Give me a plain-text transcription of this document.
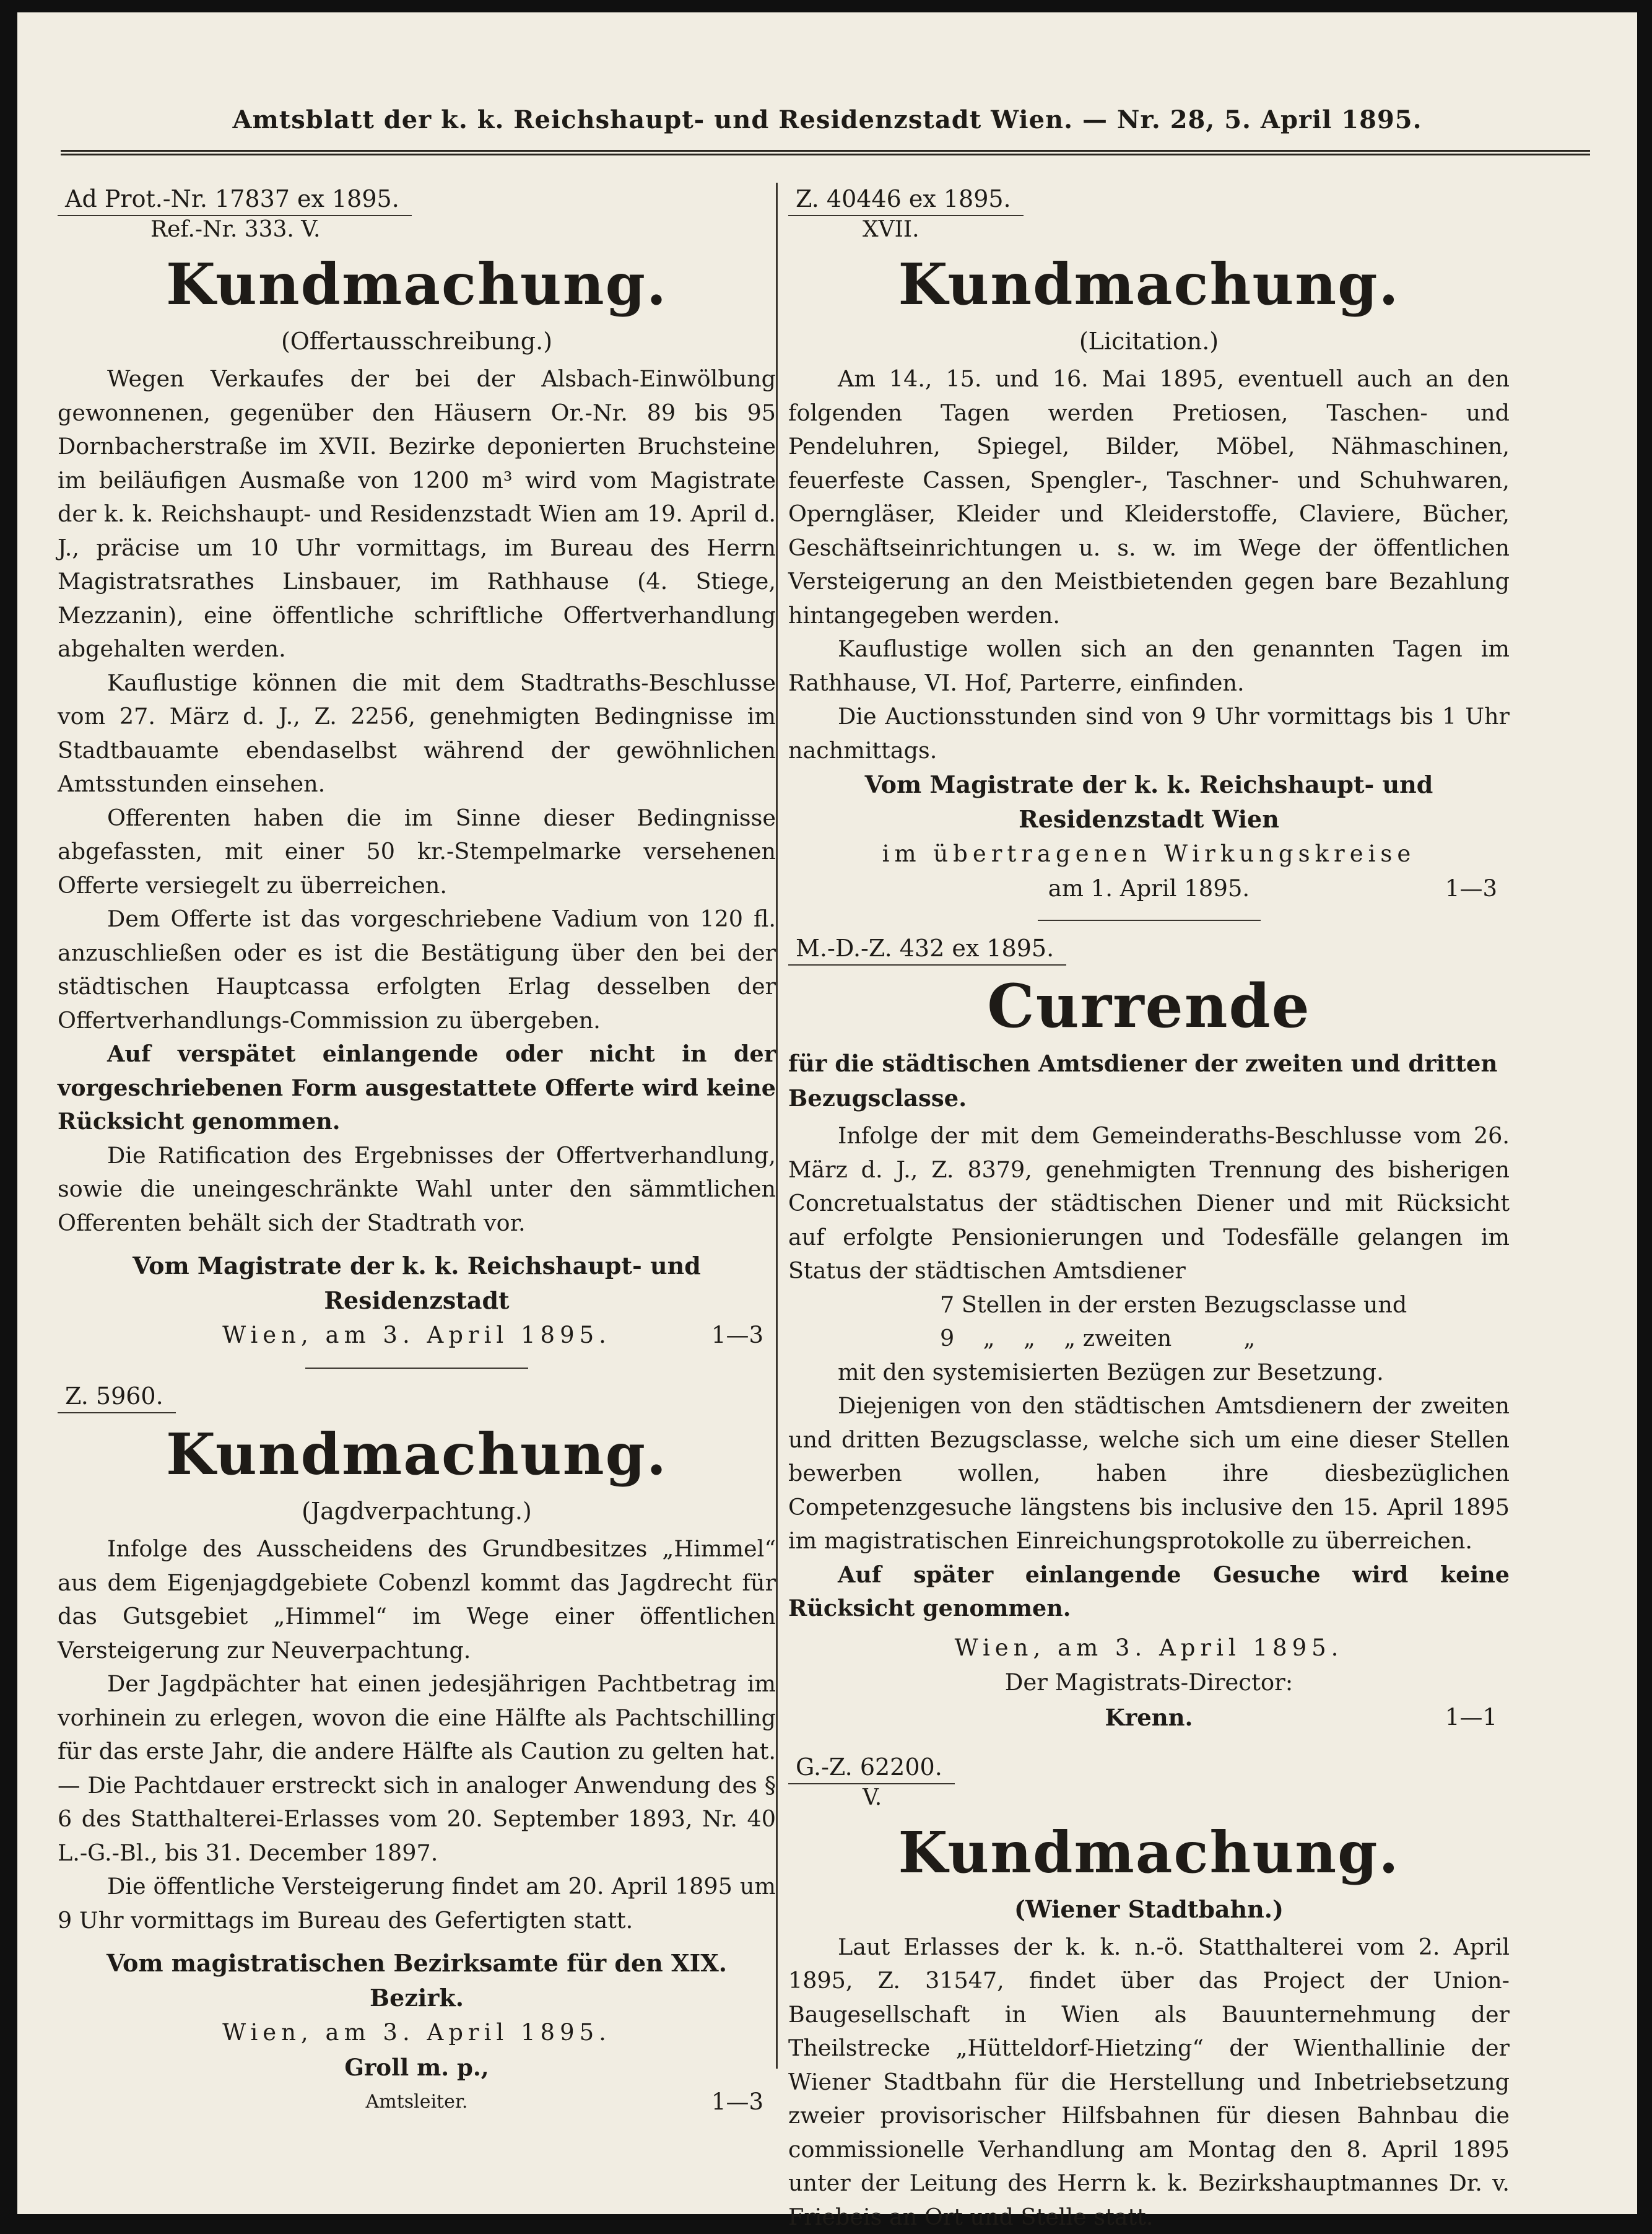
Amtsblatt der k. k. Reichshaupt- und Residenzstadt Wien. — Nr. 28, 5. April 1895.
Ad Prot.-Nr. 17837 ex 1895.
Ref.-Nr. 333. V.
Kundmachung.
(Offertausschreibung.)

Wegen Verkaufes der bei der Alsbach-Einwölbung gewonnenen, gegenüber den Häusern Or.-Nr. 89 bis 95 Dornbacherstraße im XVII. Bezirke deponierten Bruchsteine im beiläufigen Ausmaße von 1200 m³ wird vom Magistrate der k. k. Reichshaupt- und Residenzstadt Wien am 19. April d. J., präcise um 10 Uhr vormittags, im Bureau des Herrn Magistratsrathes Linsbauer, im Rathhause (4. Stiege, Mezzanin), eine öffentliche schriftliche Offertverhandlung abgehalten werden.

Kauflustige können die mit dem Stadtraths-Beschlusse vom 27. März d. J., Z. 2256, genehmigten Bedingnisse im Stadtbauamte ebendaselbst während der gewöhnlichen Amtsstunden einsehen.

Offerenten haben die im Sinne dieser Bedingnisse abgefassten, mit einer 50 kr.-Stempelmarke versehenen Offerte versiegelt zu überreichen.

Dem Offerte ist das vorgeschriebene Vadium von 120 fl. anzuschließen oder es ist die Bestätigung über den bei der städtischen Hauptcassa erfolgten Erlag desselben der Offertverhandlungs-Commission zu übergeben.

Auf verspätet einlangende oder nicht in der vorgeschriebenen Form ausgestattete Offerte wird keine Rücksicht genommen.

Die Ratification des Ergebnisses der Offertverhandlung, sowie die uneingeschränkte Wahl unter den sämmtlichen Offerenten behält sich der Stadtrath vor.

Vom Magistrate der k. k. Reichshaupt- und Residenzstadt
Wien, am 3. April 1895.	1—3
Z. 5960.
Kundmachung.
(Jagdverpachtung.)

Infolge des Ausscheidens des Grundbesitzes „Himmel“ aus dem Eigenjagdgebiete Cobenzl kommt das Jagdrecht für das Gutsgebiet „Himmel“ im Wege einer öffentlichen Versteigerung zur Neuverpachtung.

Der Jagdpächter hat einen jedesjährigen Pachtbetrag im vorhinein zu erlegen, wovon die eine Hälfte als Pachtschilling für das erste Jahr, die andere Hälfte als Caution zu gelten hat. — Die Pachtdauer erstreckt sich in analoger Anwendung des § 6 des Statthalterei-Erlasses vom 20. September 1893, Nr. 40 L.-G.-Bl., bis 31. December 1897.

Die öffentliche Versteigerung findet am 20. April 1895 um 9 Uhr vormittags im Bureau des Gefertigten statt.

Vom magistratischen Bezirksamte für den XIX. Bezirk.
Wien, am 3. April 1895.
Groll m. p.,
Amtsleiter.	1—3
Z. 40446 ex 1895.
XVII.
Kundmachung.
(Licitation.)

Am 14., 15. und 16. Mai 1895, eventuell auch an den folgenden Tagen werden Pretiosen, Taschen- und Pendeluhren, Spiegel, Bilder, Möbel, Nähmaschinen, feuerfeste Cassen, Spengler-, Taschner- und Schuhwaren, Operngläser, Kleider und Kleiderstoffe, Claviere, Bücher, Geschäftseinrichtungen u. s. w. im Wege der öffentlichen Versteigerung an den Meistbietenden gegen bare Bezahlung hintangegeben werden.

Kauflustige wollen sich an den genannten Tagen im Rathhause, VI. Hof, Parterre, einfinden.

Die Auctionsstunden sind von 9 Uhr vormittags bis 1 Uhr nachmittags.

Vom Magistrate der k. k. Reichshaupt- und Residenzstadt Wien
im übertragenen Wirkungskreise
am 1. April 1895.	1—3
M.-D.-Z. 432 ex 1895.
Currende
für die städtischen Amtsdiener der zweiten und dritten Bezugsclasse.

Infolge der mit dem Gemeinderaths-Beschlusse vom 26. März d. J., Z. 8379, genehmigten Trennung des bisherigen Concretualstatus der städtischen Diener und mit Rücksicht auf erfolgte Pensionierungen und Todesfälle gelangen im Status der städtischen Amtsdiener

7 Stellen in der ersten Bezugsclasse und
9    „    „    „ zweiten          „

mit den systemisierten Bezügen zur Besetzung.

Diejenigen von den städtischen Amtsdienern der zweiten und dritten Bezugsclasse, welche sich um eine dieser Stellen bewerben wollen, haben ihre diesbezüglichen Competenzgesuche längstens bis inclusive den 15. April 1895 im magistratischen Einreichungsprotokolle zu überreichen.

Auf später einlangende Gesuche wird keine Rücksicht genommen.

Wien, am 3. April 1895.
Der Magistrats-Director:
Krenn.	1—1
G.-Z. 62200.
V.
Kundmachung.
(Wiener Stadtbahn.)

Laut Erlasses der k. k. n.-ö. Statthalterei vom 2. April 1895, Z. 31547, findet über das Project der Union-Baugesellschaft in Wien als Bauunternehmung der Theilstrecke „Hütteldorf-Hietzing“ der Wienthallinie der Wiener Stadtbahn für die Herstellung und Inbetriebsetzung zweier provisorischer Hilfsbahnen für diesen Bahnbau die commissionelle Verhandlung am Montag den 8. April 1895 unter der Leitung des Herrn k. k. Bezirkshauptmannes Dr. v. Friebeis an Ort und Stelle statt.
